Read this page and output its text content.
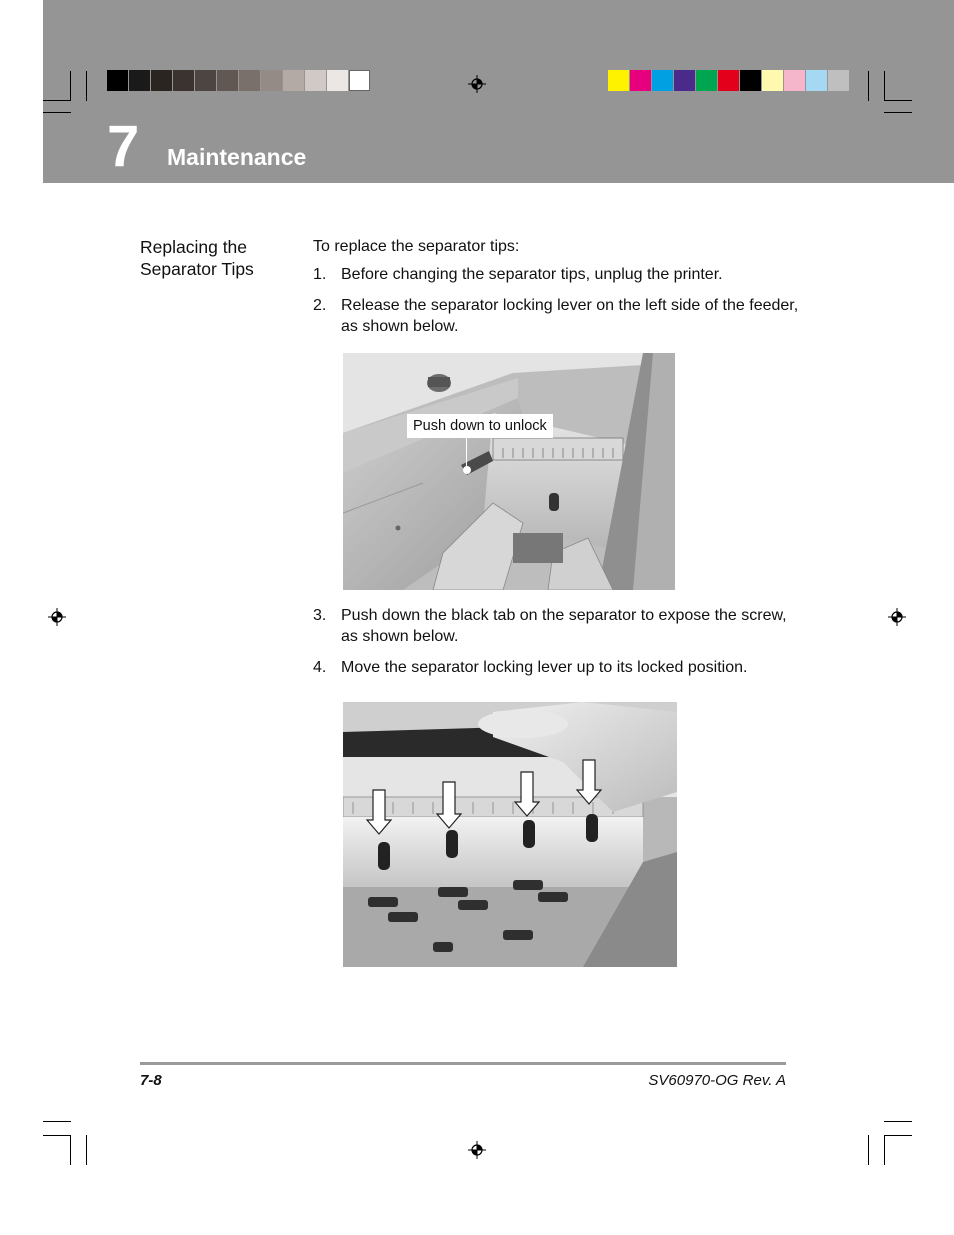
7 Maintenance
Replacing the
Separator Tips
To replace the separator tips:
1. Before changing the separator tips, unplug the printer.
2. Release the separator locking lever on the left side of the feeder, as shown below.
Push down to unlock
3. Push down the black tab on the separator to expose the screw, as shown below.
4. Move the separator locking lever up to its locked position.
7-8	SV60970-OG Rev. A
